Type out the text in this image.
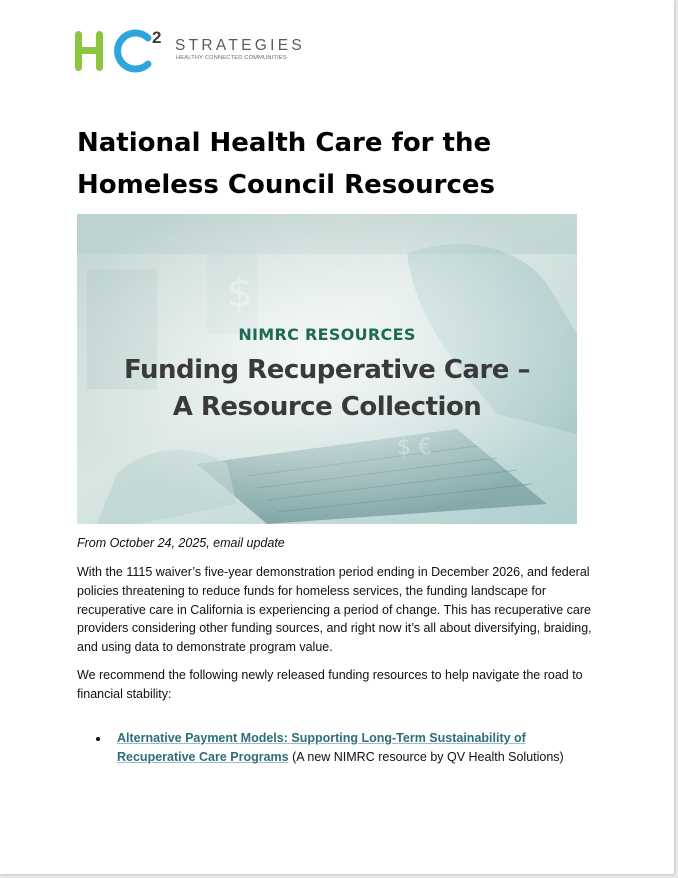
2 STRATEGIES
HEALTHY CONNECTED COMMUNITIES
National Health Care for the
Homeless Council Resources
NIMRC RESOURCES
Funding Recuperative Care –
A Resource Collection
From October 24, 2025, email update

With the 1115 waiver’s five-year demonstration period ending in December 2026, and federal policies threatening to reduce funds for homeless services, the funding landscape for recuperative care in California is experiencing a period of change. This has recuperative care providers considering other funding sources, and right now it’s all about diversifying, braiding, and using data to demonstrate program value.

We recommend the following newly released funding resources to help navigate the road to financial stability:

Alternative Payment Models: Supporting Long-Term Sustainability of Recuperative Care Programs (A new NIMRC resource by QV Health Solutions)
